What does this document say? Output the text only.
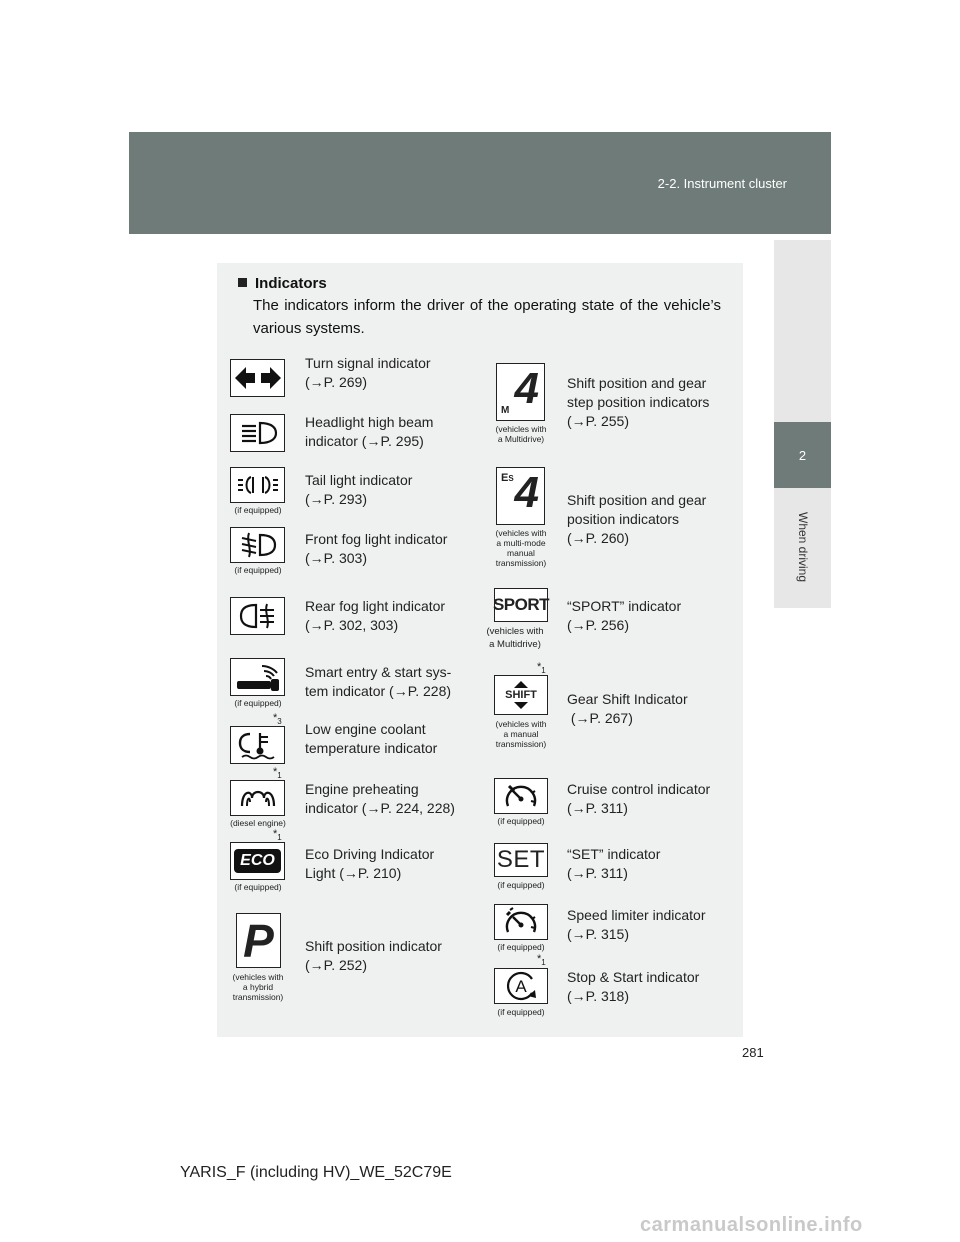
2-2. Instrument cluster
2
When driving
Indicators
The indicators inform the driver of the operating state of the vehicle’s various systems.
Turn signal indicator
(→P. 269)
Headlight high beam
indicator (→P. 295)
(if equipped)
Tail light indicator
(→P. 293)
(if equipped)
Front fog light indicator
(→P. 303)
Rear fog light indicator
(→P. 302, 303)
(if equipped)
Smart entry & start sys-
tem indicator (→P. 228)
$*_3$ Low engine coolant
temperature indicator
$*_1$
(diesel engine)
Engine preheating
indicator (→P. 224, 228)
$*_1$
ECO
(if equipped)
Eco Driving Indicator
Light (→P. 210)
P
(vehicles with
a hybrid
transmission)
Shift position indicator
(→P. 252)
4
M
(vehicles with
a Multidrive)
Shift position and gear
step position indicators
(→P. 255)
4
ES
(vehicles with
a multi-mode
manual
transmission)
Shift position and gear
position indicators
(→P. 260)
SPORT
(vehicles with
a Multidrive)
“SPORT” indicator
(→P. 256)
$*_1$
SHIFT
(vehicles with
a manual
transmission)
Gear Shift Indicator
(→P. 267)
(if equipped)
Cruise control indicator
(→P. 311)
SET
(if equipped)
“SET” indicator
(→P. 311)
(if equipped)
Speed limiter indicator
(→P. 315)
$*_1$
A
(if equipped)
Stop & Start indicator
(→P. 318)
281
YARIS_F (including HV)_WE_52C79E
carmanualsonline.info
